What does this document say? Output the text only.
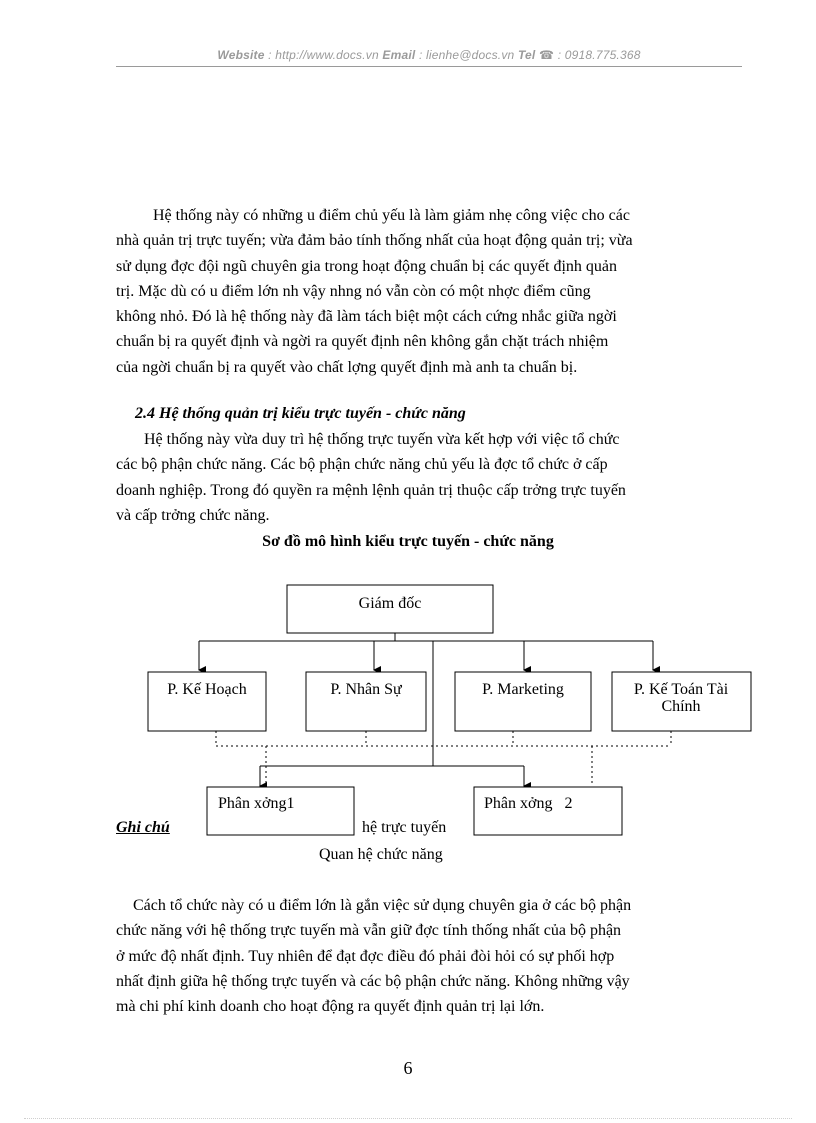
Website : http://www.docs.vn Email : lienhe@docs.vn Tel ☎ : 0918.775.368

Hệ thống này có những u điểm chủ yếu là làm giảm nhẹ công việc cho các
nhà quản trị trực tuyến; vừa đảm bảo tính thống nhất của hoạt động quản trị; vừa
sử dụng đợc đội ngũ chuyên gia trong hoạt động chuẩn bị các quyết định quản
trị. Mặc dù có u điểm lớn nh vậy nhng nó vẫn còn có một nhợc điểm cũng
không nhỏ. Đó là hệ thống này đã làm tách biệt một cách cứng nhắc giữa ngời
chuẩn bị ra quyết định và ngời ra quyết định nên không gắn chặt trách nhiệm
của ngời chuẩn bị ra quyết vào chất lợng quyết định mà anh ta chuẩn bị.

2.4 Hệ thống quản trị kiểu trực tuyến - chức năng

Hệ thống này vừa duy trì hệ thống trực tuyến vừa kết hợp với việc tổ chức
các bộ phận chức năng. Các bộ phận chức năng chủ yếu là đợc tổ chức ở cấp
doanh nghiệp. Trong đó quyền ra mệnh lệnh quản trị thuộc cấp trởng trực tuyến
và cấp trởng chức năng.

Sơ đồ mô hình kiểu trực tuyến - chức năng
Giám đốc
P. Kế Hoạch	P. Nhân Sự	P. Marketing	P. Kế Toán Tài
Chính
Phân xởng1	Phân xởng   2
Ghi chú	hệ trực tuyến
Quan hệ chức năng

Cách tổ chức này có u điểm lớn là gắn việc sử dụng chuyên gia ở các bộ phận
chức năng với hệ thống trực tuyến mà vẫn giữ đợc tính thống nhất của bộ phận
ở mức độ nhất định. Tuy nhiên để đạt đợc điều đó phải đòi hỏi có sự phối hợp
nhất định giữa hệ thống trực tuyến và các bộ phận chức năng. Không những vậy
mà chi phí kinh doanh cho hoạt động ra quyết định quản trị lại lớn.

6
